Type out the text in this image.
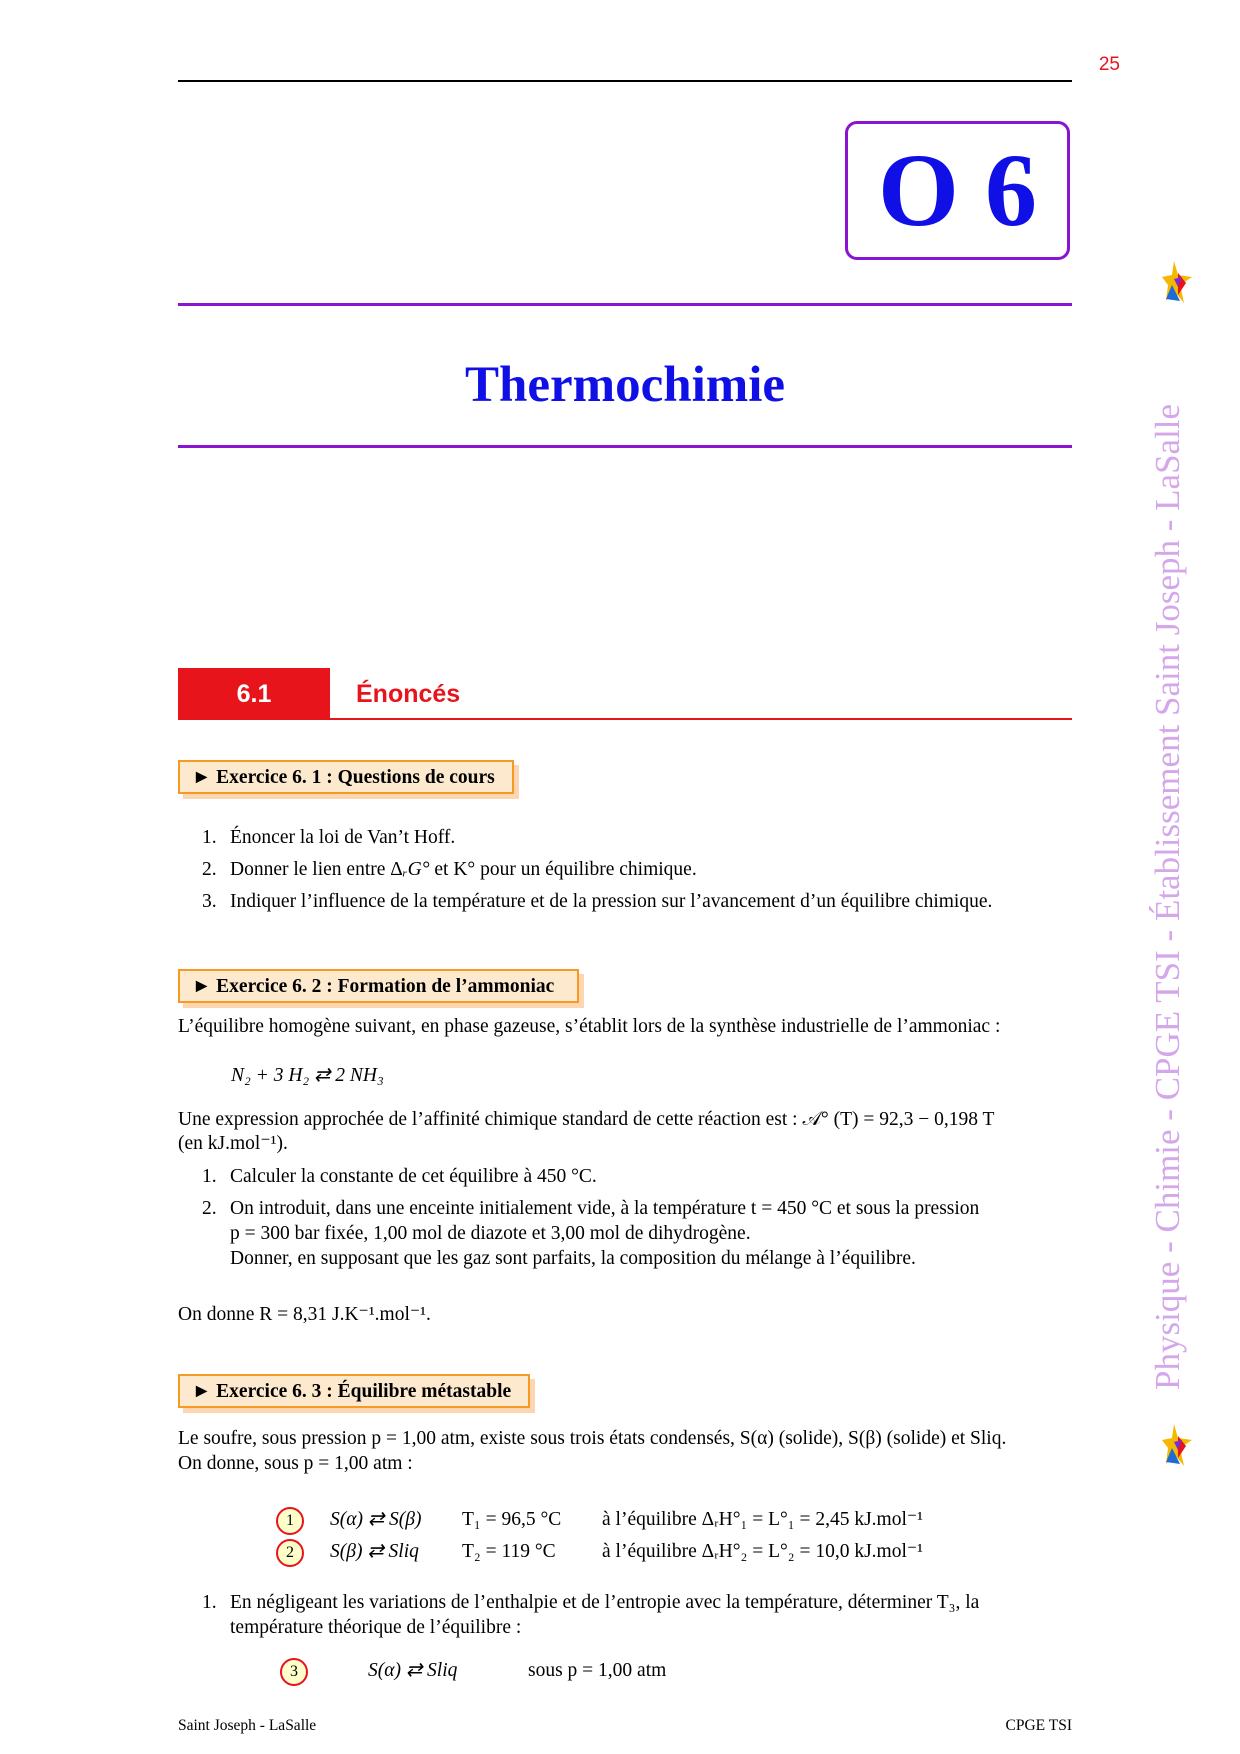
25
O 6
Thermochimie
6.1	Énoncés
► Exercice 6. 1 : Questions de cours
1. Énoncer la loi de Van’t Hoff.
2. Donner le lien entre ΔᵣG° et K° pour un équilibre chimique.
3. Indiquer l’influence de la température et de la pression sur l’avancement d’un équilibre chimique.
► Exercice 6. 2 : Formation de l’ammoniac
L’équilibre homogène suivant, en phase gazeuse, s’établit lors de la synthèse industrielle de l’ammoniac :
N₂ + 3 H₂ ⇄ 2 NH₃
Une expression approchée de l’affinité chimique standard de cette réaction est : 𝒜° (T) = 92,3 − 0,198 T
(en kJ.mol⁻¹).
1. Calculer la constante de cet équilibre à 450 °C.
2. On introduit, dans une enceinte initialement vide, à la température t = 450 °C et sous la pression
p = 300 bar fixée, 1,00 mol de diazote et 3,00 mol de dihydrogène.
Donner, en supposant que les gaz sont parfaits, la composition du mélange à l’équilibre.
On donne R = 8,31 J.K⁻¹.mol⁻¹.
► Exercice 6. 3 : Équilibre métastable
Le soufre, sous pression p = 1,00 atm, existe sous trois états condensés, S(α) (solide), S(β) (solide) et Sliq.
On donne, sous p = 1,00 atm :
1	S(α) ⇄ S(β) T₁ = 96,5 °C à l’équilibre ΔᵣH°₁ = L°₁ = 2,45 kJ.mol⁻¹
2	S(β) ⇄ Sliq T₂ = 119 °C à l’équilibre ΔᵣH°₂ = L°₂ = 10,0 kJ.mol⁻¹
1. En négligeant les variations de l’enthalpie et de l’entropie avec la température, déterminer T₃, la
température théorique de l’équilibre :
3	S(α) ⇄ Sliq	sous p = 1,00 atm
Physique - Chimie - CPGE TSI - Établissement Saint Joseph - LaSalle
Saint Joseph - LaSalle	CPGE TSI
